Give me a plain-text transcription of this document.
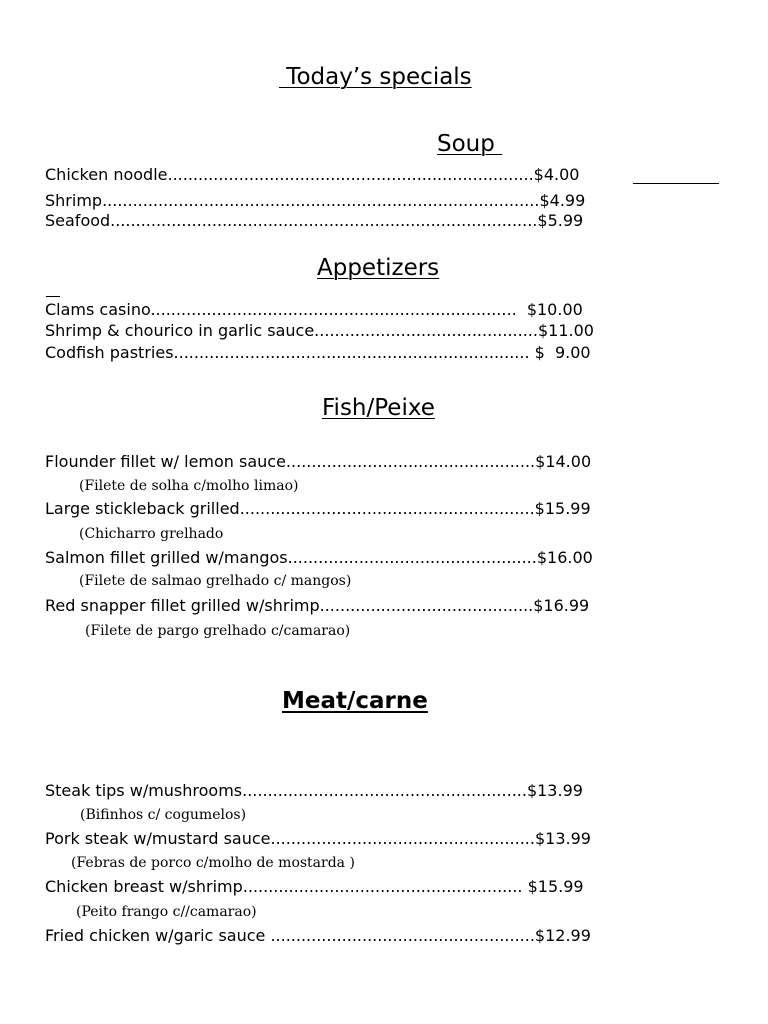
Today’s specials
Soup
Chicken noodle........................................................................$4.00
Shrimp......................................................................................$4.99
Seafood....................................................................................$5.99
Appetizers
Clams casino........................................................................  $10.00
Shrimp & chourico in garlic sauce............................................$11.00
Codfish pastries...................................................................... $  9.00
Fish/Peixe
Flounder fillet w/ lemon sauce.................................................$14.00
(Filete de solha c/molho limao)
Large stickleback grilled..........................................................$15.99
(Chicharro grelhado
Salmon fillet grilled w/mangos.................................................$16.00
(Filete de salmao grelhado c/ mangos)
Red snapper fillet grilled w/shrimp..........................................$16.99
(Filete de pargo grelhado c/camarao)
Meat/carne
Steak tips w/mushrooms........................................................$13.99
(Bifinhos c/ cogumelos)
Pork steak w/mustard sauce....................................................$13.99
(Febras de porco c/molho de mostarda )
Chicken breast w/shrimp....................................................... $15.99
(Peito frango c//camarao)
Fried chicken w/garic sauce ....................................................$12.99
